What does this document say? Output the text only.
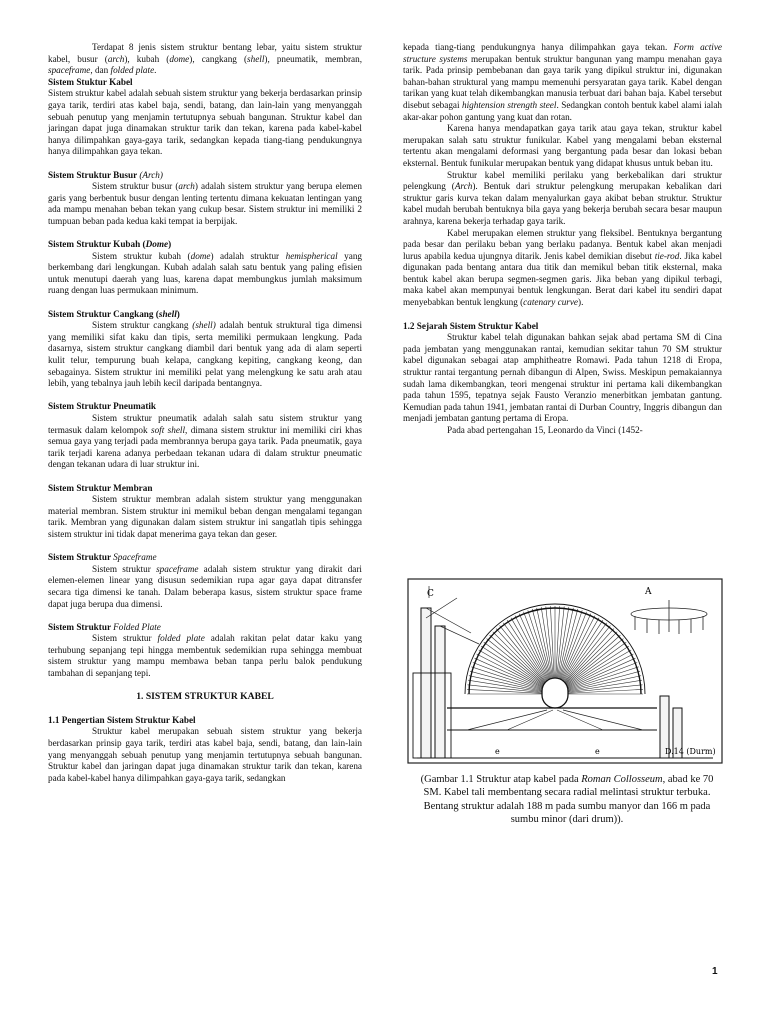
Terdapat 8 jenis sistem struktur bentang lebar, yaitu sistem struktur kabel, busur (arch), kubah (dome), cangkang (shell), pneumatik, membran, spaceframe, dan folded plate.

Sistem Stuktur Kabel

Sistem struktur kabel adalah sebuah sistem struktur yang bekerja berdasarkan prinsip gaya tarik, terdiri atas kabel baja, sendi, batang, dan lain-lain yang menyanggah sebuah penutup yang menjamin tertutupnya sebuah bangunan. Struktur kabel dan jaringan dapat juga dinamakan struktur tarik dan tekan, karena pada kabel-kabel hanya dilimpahkan gaya-gaya tarik, sedangkan kepada tiang-tiang pendukungnya hanya dilimpahkan gaya tekan.

Sistem Struktur Busur (Arch)

Sistem struktur busur (arch) adalah sistem struktur yang berupa elemen garis yang berbentuk busur dengan lenting tertentu dimana kekuatan lentingan yang ada mampu menahan beban tekan yang cukup besar. Sistem struktur ini memiliki 2 tumpuan beban pada kedua kaki tempat ia berpijak.

Sistem Struktur Kubah (Dome)

Sistem struktur kubah (dome) adalah struktur hemispherical yang berkembang dari lengkungan. Kubah adalah salah satu bentuk yang paling efisien untuk menutupi daerah yang luas, karena dapat membungkus jumlah maksimum ruang dengan luas permukaan minimum.

Sistem Struktur Cangkang (shell)

Sistem struktur cangkang (shell) adalah bentuk struktural tiga dimensi yang memiliki sifat kaku dan tipis, serta memiliki permukaan lengkung. Pada dasarnya, sistem struktur cangkang diambil dari bentuk yang ada di alam seperti kulit telur, tempurung buah kelapa, cangkang kepiting, cangkang keong, dan sebagainya. Sistem struktur ini memiliki pelat yang melengkung ke satu arah atau lebih, yang tebalnya jauh lebih kecil daripada bentangnya.

Sistem Struktur Pneumatik

Sistem struktur pneumatik adalah salah satu sistem struktur yang termasuk dalam kelompok soft shell, dimana sistem struktur ini memiliki ciri khas semua gaya yang terjadi pada membrannya berupa gaya tarik. Pada pneumatik, gaya tarik terjadi karena adanya perbedaan tekanan udara di dalam struktur pneumatic dengan tekanan udara di luar struktur ini.

Sistem Struktur Membran

Sistem struktur membran adalah sistem struktur yang menggunakan material membran. Sistem struktur ini memikul beban dengan mengalami tegangan tarik. Membran yang digunakan dalam sistem struktur ini sangatlah tipis sehingga sistem struktur ini tidak dapat menerima gaya tekan dan geser.

Sistem Struktur Spaceframe

Sistem struktur spaceframe adalah sistem struktur yang dirakit dari elemen-elemen linear yang disusun sedemikian rupa agar gaya dapat ditransfer secara tiga dimensi ke tanah. Dalam beberapa kasus, sistem struktur space frame dapat juga berupa dua dimensi.

Sistem Struktur Folded Plate

Sistem struktur folded plate adalah rakitan pelat datar kaku yang terhubung sepanjang tepi hingga membentuk sedemikian rupa sehingga membuat sistem struktur yang mampu membawa beban tanpa perlu balok pendukung tambahan di sepanjang tepi.

1. SISTEM STRUKTUR KABEL

1.1 Pengertian Sistem Struktur Kabel

Struktur kabel merupakan sebuah sistem struktur yang bekerja berdasarkan prinsip gaya tarik, terdiri atas kabel baja, sendi, batang, dan lain-lain yang menyanggah sebuah penutup yang menjamin tertutupnya sebuah bangunan. Struktur kabel dan jaringan dapat juga dinamakan struktur tarik dan tekan, karena pada kabel-kabel hanya dilimpahkan gaya-gaya tarik, sedangkan

kepada tiang-tiang pendukungnya hanya dilimpahkan gaya tekan. Form active structure systems merupakan bentuk struktur bangunan yang mampu menahan gaya tarik. Pada prinsip pembebanan dan gaya tarik yang dipikul struktur ini, digunakan bahan-bahan struktural yang mampu memenuhi persyaratan gaya tarik. Kabel dengan tarikan yang kuat telah dikembangkan manusia terbuat dari bahan baja. Kabel tersebut disebut sebagai hightension strength steel. Sedangkan contoh bentuk kabel alami ialah akar-akar pohon gantung yang kuat dan rotan.

Karena hanya mendapatkan gaya tarik atau gaya tekan, struktur kabel merupakan salah satu struktur funikular. Kabel yang mengalami beban eksternal tertentu akan mengalami deformasi yang bergantung pada besar dan lokasi beban eksternal. Bentuk funikular merupakan bentuk yang didapat khusus untuk beban itu.

Struktur kabel memiliki perilaku yang berkebalikan dari struktur pelengkung (Arch). Bentuk dari struktur pelengkung merupakan kebalikan dari struktur garis kurva tekan dalam menyalurkan gaya akibat beban struktur. Struktur kabel mudah berubah bentuknya bila gaya yang bekerja berubah secara besar maupun arahnya, karena bekerja terhadap gaya tarik.

Kabel merupakan elemen struktur yang fleksibel. Bentuknya bergantung pada besar dan perilaku beban yang berlaku padanya. Bentuk kabel akan menjadi lurus apabila kedua ujungnya ditarik. Jenis kabel demikian disebut tie-rod. Jika kabel digunakan pada bentang antara dua titik dan memikul beban titik eksternal, maka bentuk kabel akan berupa segmen-segmen garis. Jika beban yang dipikul terbagi, maka kabel akan mempunyai bentuk lengkungan. Berat dari kabel itu sendiri dapat menyebabkan bentuk lengkung (catenary curve).

1.2 Sejarah Sistem Struktur Kabel

Struktur kabel telah digunakan bahkan sejak abad pertama SM di Cina pada jembatan yang menggunakan rantai, kemudian sekitar tahun 70 SM struktur kabel digunakan sebagai atap amphitheatre Romawi. Pada tahun 1218 di Eropa, struktur rantai tergantung pernah dibangun di Alpen, Swiss. Meskipun pemakaiannya sudah lama dikembangkan, teori mengenai struktur ini pertama kali dikembangkan pada tahun 1595, tepatnya sejak Fausto Veranzio menerbitkan jembatan gantung. Kemudian pada tahun 1941, jembatan rantai di Durban Country, Inggris dibangun dan menjadi jembatan gantung pertama di Eropa.

Pada abad pertengahan 15, Leonardo da Vinci (1452-

C	A
e	e	D.14 (Durm)
(Gambar 1.1 Struktur atap kabel pada Roman Collosseum, abad ke 70 SM. Kabel tali membentang secara radial melintasi struktur terbuka. Bentang struktur adalah 188 m pada sumbu manyor dan 166 m pada sumbu minor (dari drum)).
1
